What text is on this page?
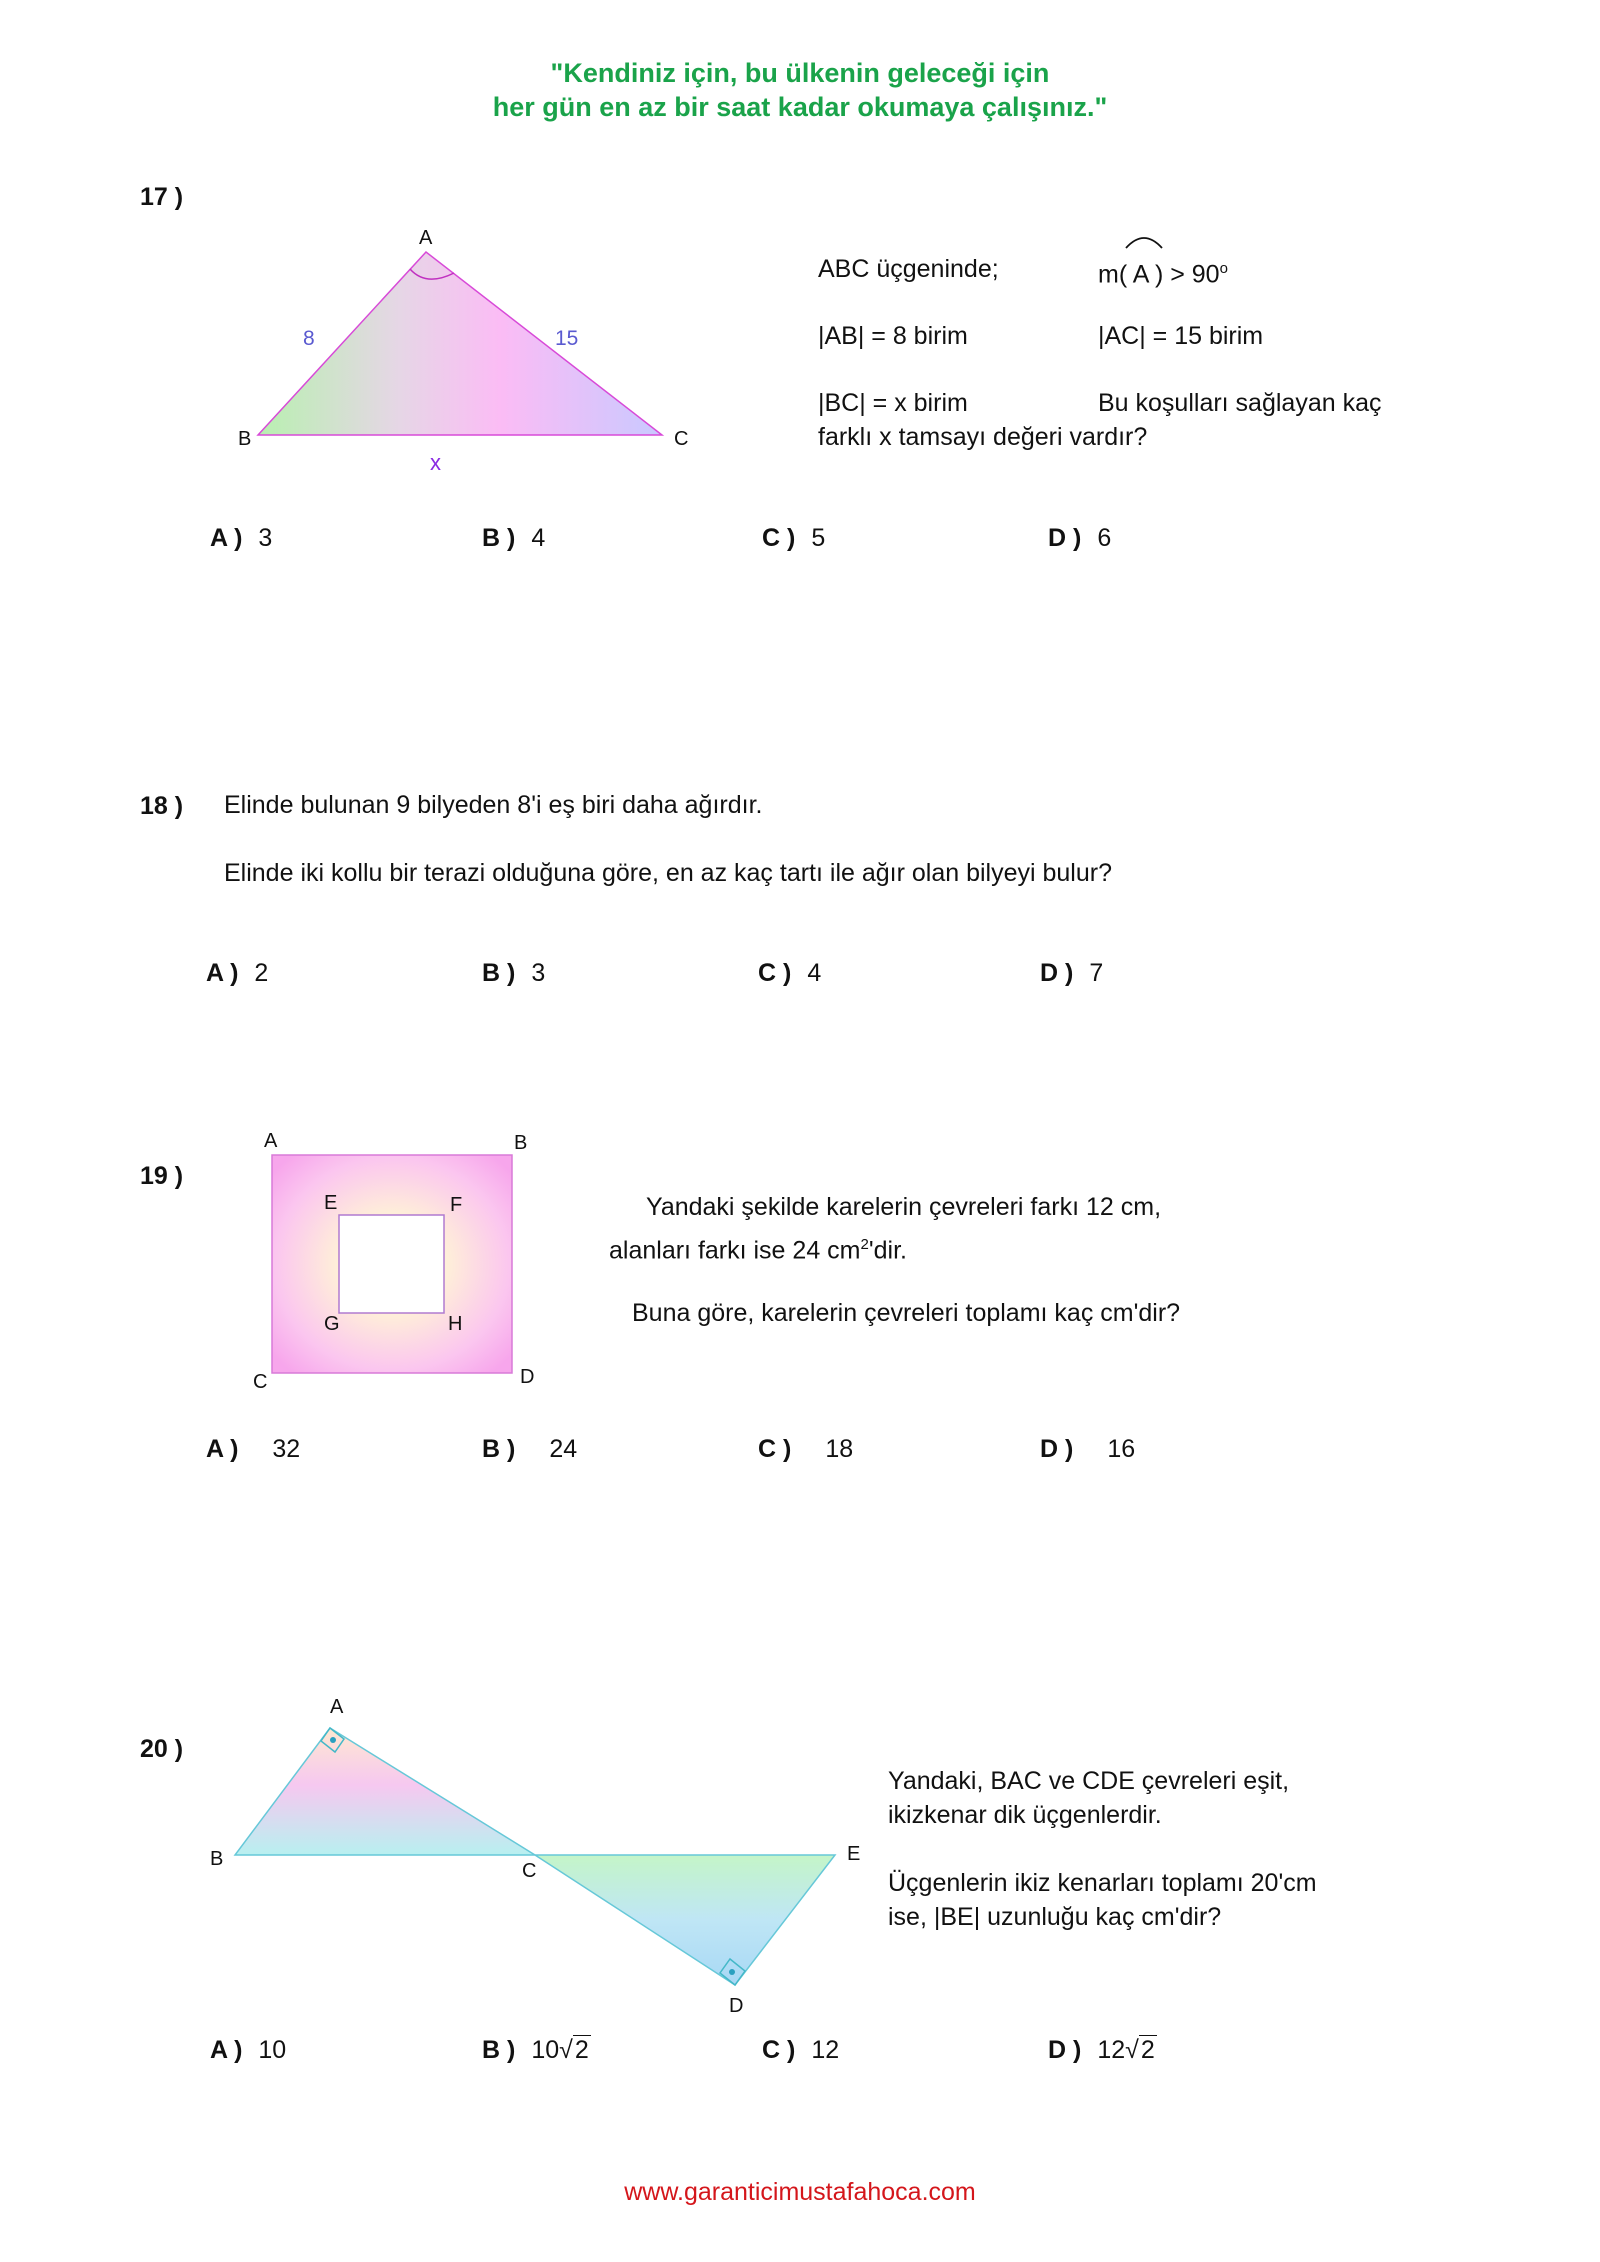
"Kendiniz için, bu ülkenin geleceği için
her gün en az bir saat kadar okumaya çalışınız."
17 )
A
B	C
8	15
x
ABC üçgeninde;	m( A ) > $90^o$
|AB| = 8 birim	|AC| = 15 birim
|BC| = x birim	Bu koşulları sağlayan kaç
farklı x tamsayı değeri vardır?
A ) 3	B ) 4	C ) 5	D ) 6
18 ) Elinde bulunan 9 bilyeden 8'i eş biri daha ağırdır.
Elinde iki kollu bir terazi olduğuna göre, en az kaç tartı ile ağır olan bilyeyi bulur?
A ) 2	B ) 3	C ) 4	D ) 7
19 )
A	B
C	D
E	F
G	H
Yandaki şekilde karelerin çevreleri farkı 12 cm,
alanları farkı ise 24 $cm^2'dir$.
Buna göre, karelerin çevreleri toplamı kaç cm'dir?
A ) 32	B ) 24	C ) 18	D ) 16
20 )
A
B
C
D
E
Yandaki, BAC ve CDE çevreleri eşit,
ikizkenar dik üçgenlerdir.
Üçgenlerin ikiz kenarları toplamı 20'cm
ise, |BE| uzunluğu kaç cm'dir?
A ) 10	B ) 10√2	C ) 12	D ) 12√2
www.garanticimustafahoca.com
